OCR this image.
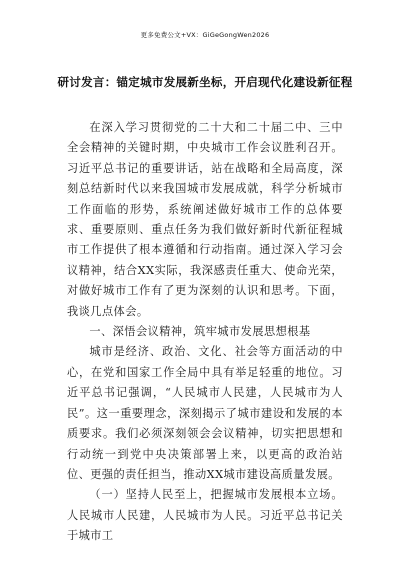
更多免费公文+VX：GiGeGongWen2026
研讨发言：锚定城市发展新坐标，开启现代化建设新征程

在深入学习贯彻党的二十大和二十届二中、三中全会精神的关键时期，中央城市工作会议胜利召开。习近平总书记的重要讲话，站在战略和全局高度，深刻总结新时代以来我国城市发展成就，科学分析城市工作面临的形势，系统阐述做好城市工作的总体要求、重要原则、重点任务为我们做好新时代新征程城市工作提供了根本遵循和行动指南。通过深入学习会议精神，结合XX实际，我深感责任重大、使命光荣，对做好城市工作有了更为深刻的认识和思考。下面，我谈几点体会。

一、深悟会议精神，筑牢城市发展思想根基

城市是经济、政治、文化、社会等方面活动的中心，在党和国家工作全局中具有举足轻重的地位。习近平总书记强调，“人民城市人民建，人民城市为人民”。这一重要理念，深刻揭示了城市建设和发展的本质要求。我们必须深刻领会会议精神，切实把思想和行动统一到党中央决策部署上来，以更高的政治站位、更强的责任担当，推动XX城市建设高质量发展。

（一）坚持人民至上，把握城市发展根本立场。人民城市人民建，人民城市为人民。习近平总书记关于城市工
